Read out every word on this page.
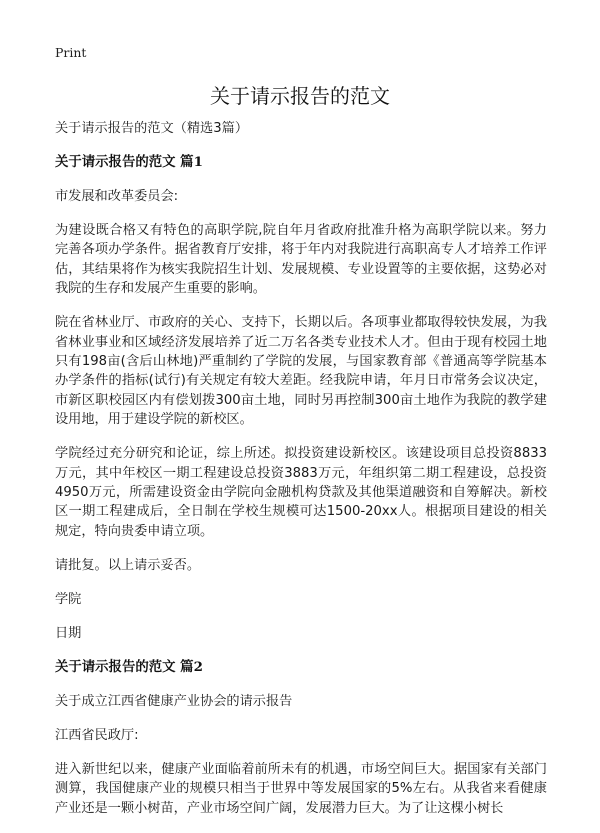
Print
关于请示报告的范文

关于请示报告的范文（精选3篇）

关于请示报告的范文 篇1

市发展和改革委员会:

为建设既合格又有特色的高职学院,院自年月省政府批准升格为高职学院以来。努力完善各项办学条件。据省教育厅安排，将于年内对我院进行高职高专人才培养工作评估，其结果将作为核实我院招生计划、发展规模、专业设置等的主要依据，这势必对我院的生存和发展产生重要的影响。

院在省林业厅、市政府的关心、支持下，长期以后。各项事业都取得较快发展，为我省林业事业和区域经济发展培养了近二万名各类专业技术人才。但由于现有校园土地只有198亩(含后山林地)严重制约了学院的发展，与国家教育部《普通高等学院基本办学条件的指标(试行)有关规定有较大差距。经我院申请，年月日市常务会议决定，市新区职校园区内有偿划拨300亩土地，同时另再控制300亩土地作为我院的教学建设用地，用于建设学院的新校区。

学院经过充分研究和论证，综上所述。拟投资建设新校区。该建设项目总投资8833万元，其中年校区一期工程建设总投资3883万元，年组织第二期工程建设，总投资4950万元，所需建设资金由学院向金融机构贷款及其他渠道融资和自筹解决。新校区一期工程建成后，全日制在学校生规模可达1500-20xx人。根据项目建设的相关规定，特向贵委申请立项。

请批复。以上请示妥否。

学院

日期

关于请示报告的范文 篇2

关于成立江西省健康产业协会的请示报告

江西省民政厅:

进入新世纪以来，健康产业面临着前所未有的机遇，市场空间巨大。据国家有关部门测算，我国健康产业的规模只相当于世界中等发展国家的5%左右。从我省来看健康产业还是一颗小树苗，产业市场空间广阔，发展潜力巨大。为了让这棵小树长
